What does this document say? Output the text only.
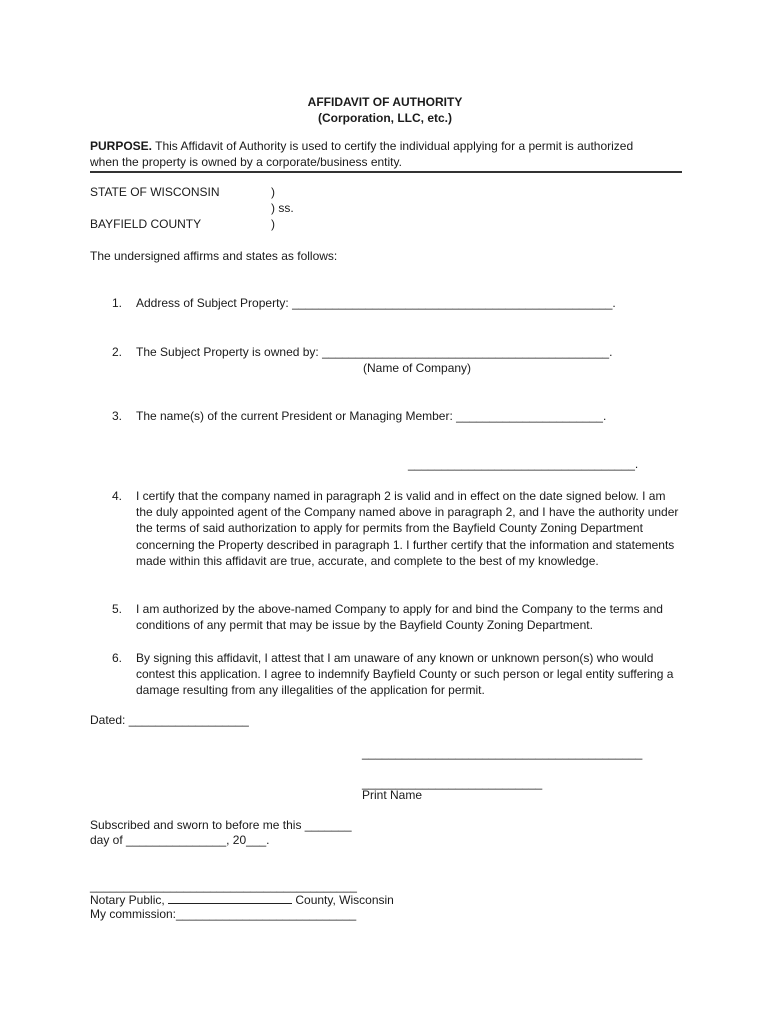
AFFIDAVIT OF AUTHORITY
(Corporation, LLC, etc.)
PURPOSE. This Affidavit of Authority is used to certify the individual applying for a permit is authorized
when the property is owned by a corporate/business entity.
STATE OF WISCONSIN	)
) ss.
BAYFIELD COUNTY	)
The undersigned affirms and states as follows:
1. Address of Subject Property: ________________________________________________.
2. The Subject Property is owned by: ___________________________________________.
(Name of Company)
3. The name(s) of the current President or Managing Member: ______________________.
__________________________________.
4. I certify that the company named in paragraph 2 is valid and in effect on the date signed below. I am the duly appointed agent of the Company named above in paragraph 2, and I have the authority under the terms of said authorization to apply for permits from the Bayfield County Zoning Department concerning the Property described in paragraph 1. I further certify that the information and statements made within this affidavit are true, accurate, and complete to the best of my knowledge.
5. I am authorized by the above-named Company to apply for and bind the Company to the terms and conditions of any permit that may be issue by the Bayfield County Zoning Department.
6. By signing this affidavit, I attest that I am unaware of any known or unknown person(s) who would contest this application. I agree to indemnify Bayfield County or such person or legal entity suffering a damage resulting from any illegalities of the application for permit.
Dated: __________________
__________________________________________
___________________________
Print Name
Subscribed and sworn to before me this _______
day of _______________, 20___.
________________________________________
Notary Public,	County, Wisconsin
My commission:___________________________
